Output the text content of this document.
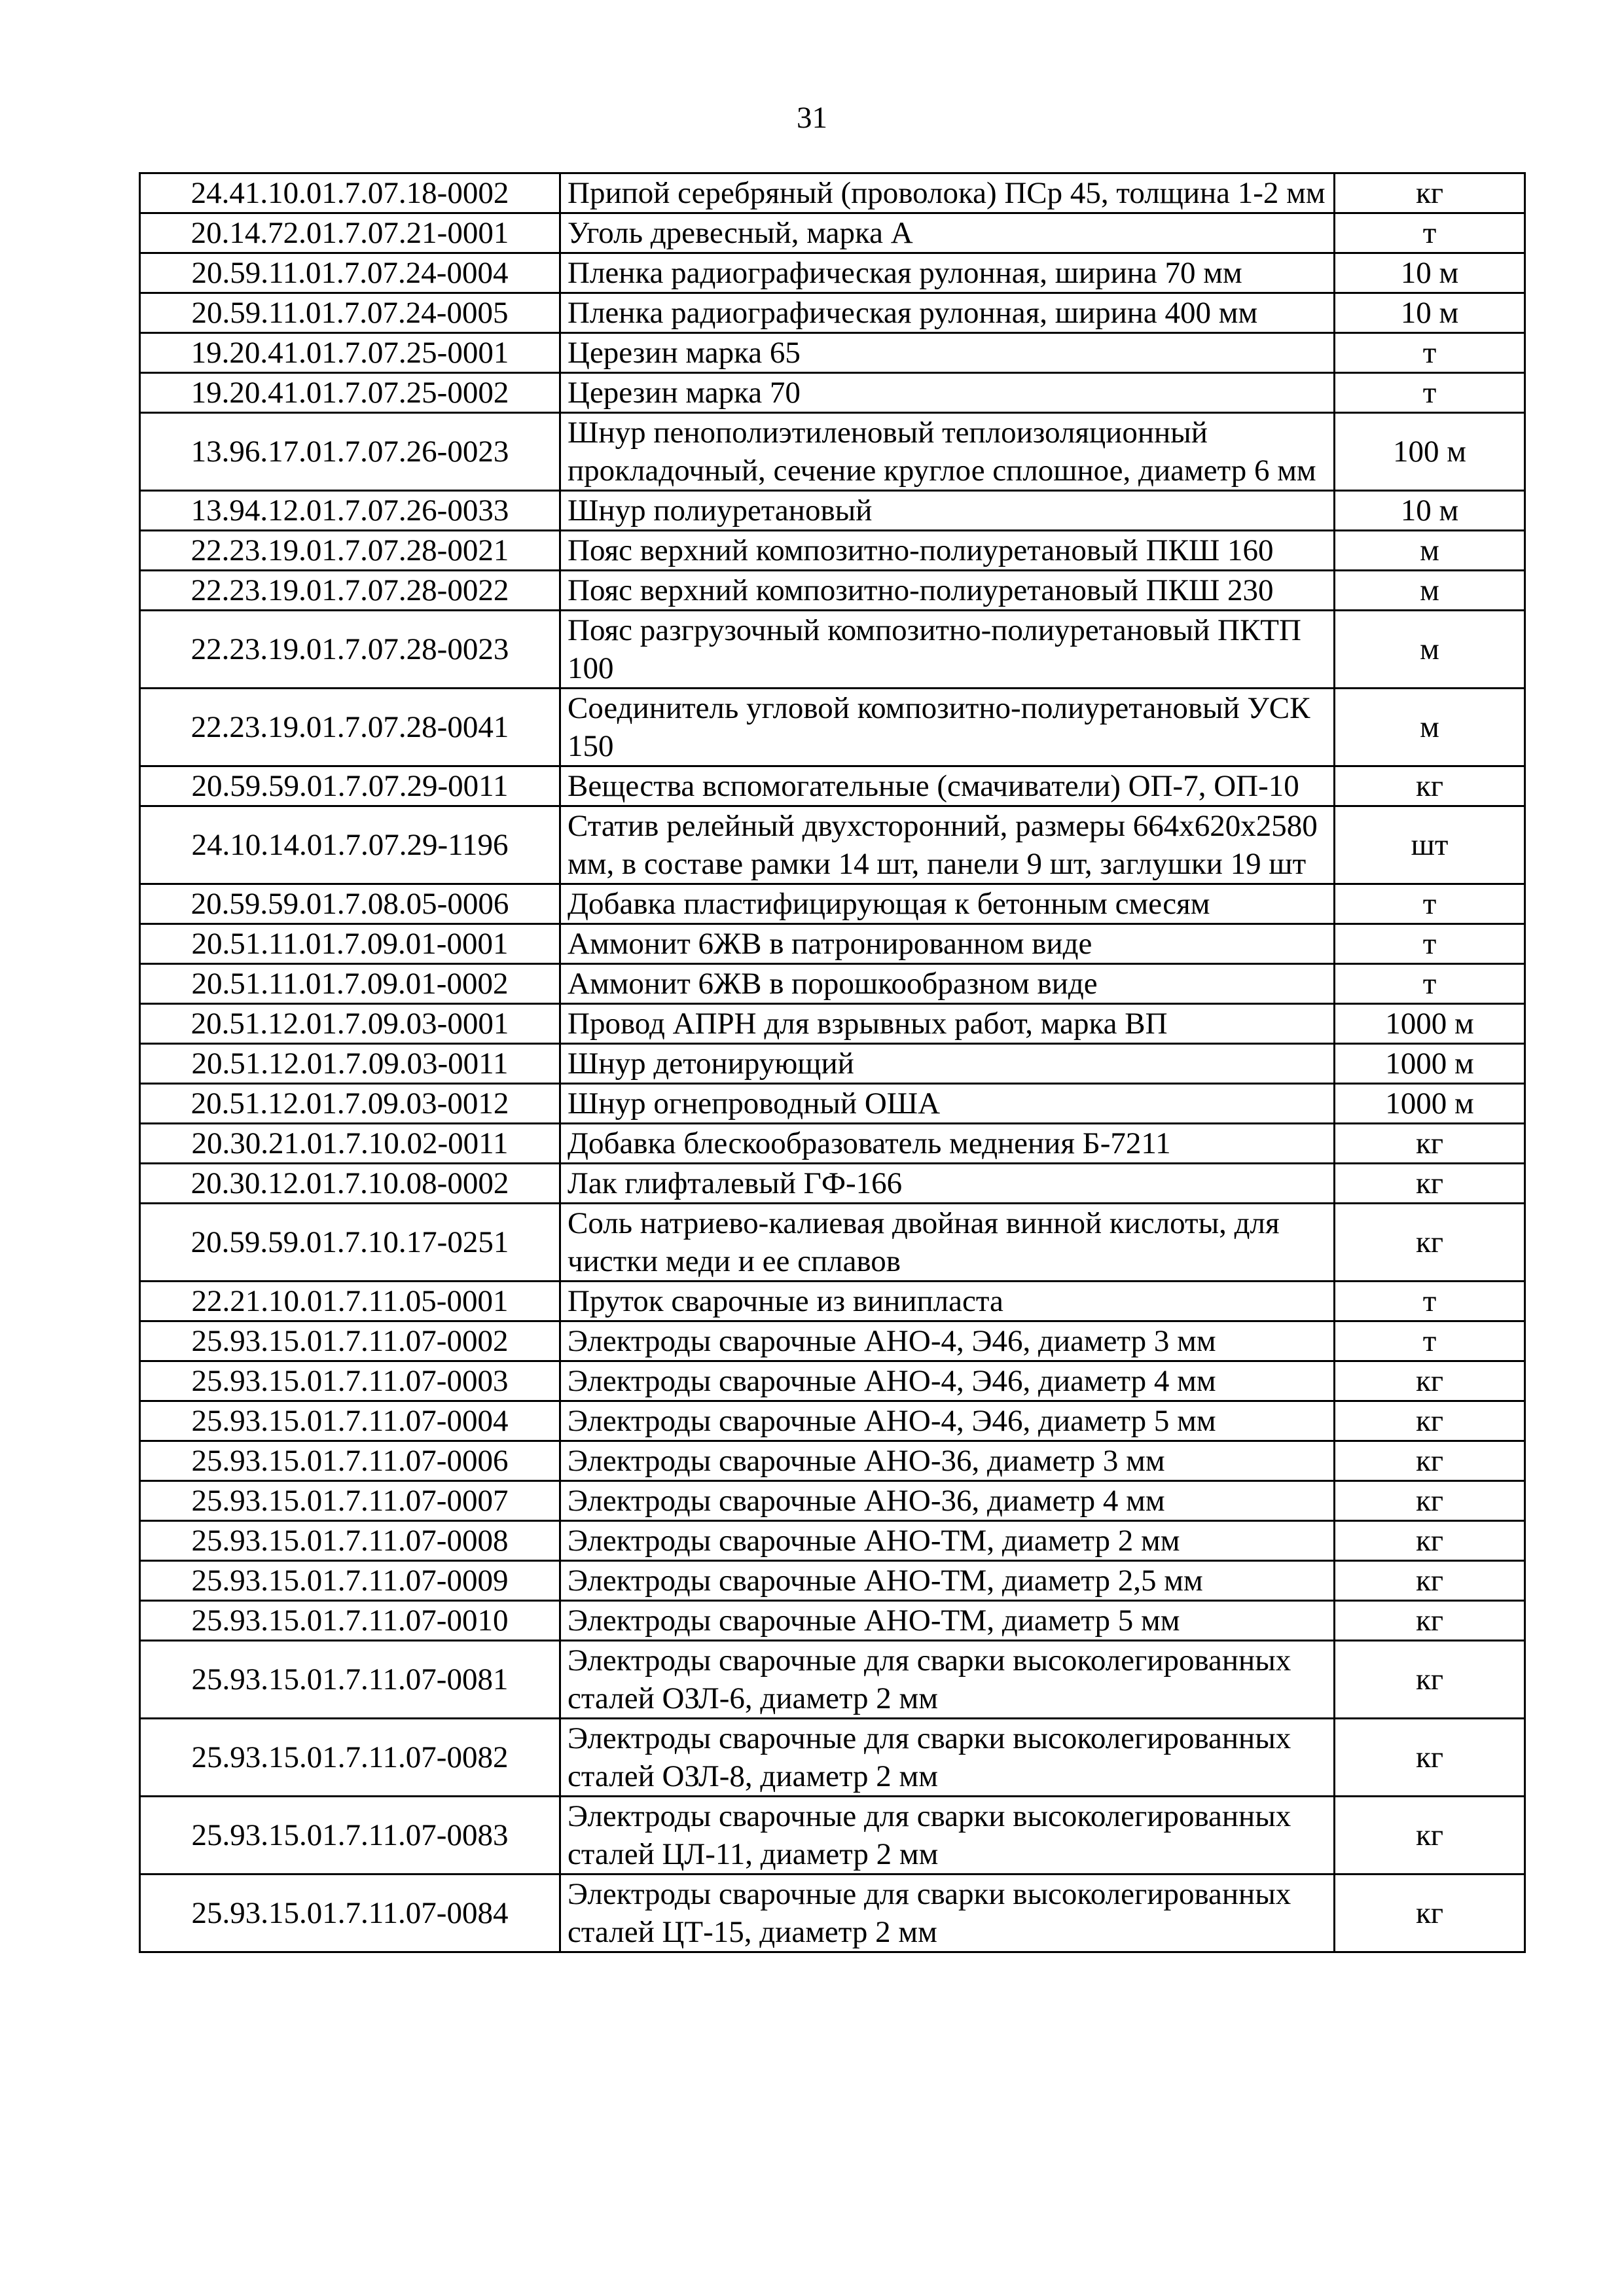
31
24.41.10.01.7.07.18-0002	Припой серебряный (проволока) ПСр 45, толщина 1-2 мм	кг
20.14.72.01.7.07.21-0001	Уголь древесный, марка А	т
20.59.11.01.7.07.24-0004	Пленка радиографическая рулонная, ширина 70 мм	10 м
20.59.11.01.7.07.24-0005	Пленка радиографическая рулонная, ширина 400 мм	10 м
19.20.41.01.7.07.25-0001	Церезин марка 65	т
19.20.41.01.7.07.25-0002	Церезин марка 70	т
13.96.17.01.7.07.26-0023	Шнур пенополиэтиленовый теплоизоляционный прокладочный, сечение круглое сплошное, диаметр 6 мм	100 м
13.94.12.01.7.07.26-0033	Шнур полиуретановый	10 м
22.23.19.01.7.07.28-0021	Пояс верхний композитно-полиуретановый ПКШ 160	м
22.23.19.01.7.07.28-0022	Пояс верхний композитно-полиуретановый ПКШ 230	м
22.23.19.01.7.07.28-0023	Пояс разгрузочный композитно-полиуретановый ПКТП 100	м
22.23.19.01.7.07.28-0041	Соединитель угловой композитно-полиуретановый УСК 150	м
20.59.59.01.7.07.29-0011	Вещества вспомогательные (смачиватели) ОП-7, ОП-10	кг
24.10.14.01.7.07.29-1196	Статив релейный двухсторонний, размеры 664х620х2580 мм, в составе рамки 14 шт, панели 9 шт, заглушки 19 шт	шт
20.59.59.01.7.08.05-0006	Добавка пластифицирующая к бетонным смесям	т
20.51.11.01.7.09.01-0001	Аммонит 6ЖВ в патронированном виде	т
20.51.11.01.7.09.01-0002	Аммонит 6ЖВ в порошкообразном виде	т
20.51.12.01.7.09.03-0001	Провод АПРН для взрывных работ, марка ВП	1000 м
20.51.12.01.7.09.03-0011	Шнур детонирующий	1000 м
20.51.12.01.7.09.03-0012	Шнур огнепроводный ОША	1000 м
20.30.21.01.7.10.02-0011	Добавка блескообразователь меднения Б-7211	кг
20.30.12.01.7.10.08-0002	Лак глифталевый ГФ-166	кг
20.59.59.01.7.10.17-0251	Соль натриево-калиевая двойная винной кислоты, для чистки меди и ее сплавов	кг
22.21.10.01.7.11.05-0001	Пруток сварочные из винипласта	т
25.93.15.01.7.11.07-0002	Электроды сварочные АНО-4, Э46, диаметр 3 мм	т
25.93.15.01.7.11.07-0003	Электроды сварочные АНО-4, Э46, диаметр 4 мм	кг
25.93.15.01.7.11.07-0004	Электроды сварочные АНО-4, Э46, диаметр 5 мм	кг
25.93.15.01.7.11.07-0006	Электроды сварочные АНО-36, диаметр 3 мм	кг
25.93.15.01.7.11.07-0007	Электроды сварочные АНО-36, диаметр 4 мм	кг
25.93.15.01.7.11.07-0008	Электроды сварочные АНО-ТМ, диаметр 2 мм	кг
25.93.15.01.7.11.07-0009	Электроды сварочные АНО-ТМ, диаметр 2,5 мм	кг
25.93.15.01.7.11.07-0010	Электроды сварочные АНО-ТМ, диаметр 5 мм	кг
25.93.15.01.7.11.07-0081	Электроды сварочные для сварки высоколегированных сталей ОЗЛ-6, диаметр 2 мм	кг
25.93.15.01.7.11.07-0082	Электроды сварочные для сварки высоколегированных сталей ОЗЛ-8, диаметр 2 мм	кг
25.93.15.01.7.11.07-0083	Электроды сварочные для сварки высоколегированных сталей ЦЛ-11, диаметр 2 мм	кг
25.93.15.01.7.11.07-0084	Электроды сварочные для сварки высоколегированных сталей ЦТ-15, диаметр 2 мм	кг
